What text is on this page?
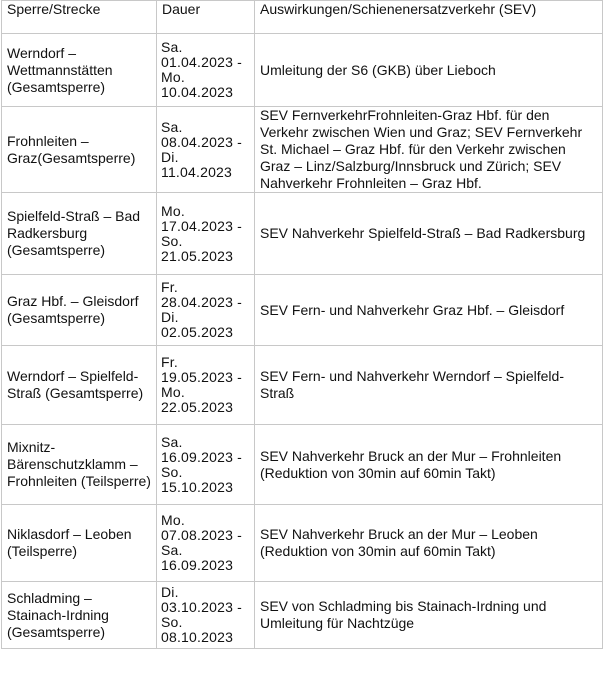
Sperre/Strecke	Dauer	Auswirkungen/Schienenersatzverkehr (SEV)
Werndorf – Wettmannstätten (Gesamtsperre)	Sa. 01.04.2023 - Mo. 10.04.2023	Umleitung der S6 (GKB) über Lieboch
Frohnleiten – Graz(Gesamtsperre)	Sa. 08.04.2023 - Di. 11.04.2023	SEV FernverkehrFrohnleiten-Graz Hbf. für den Verkehr zwischen Wien und Graz; SEV Fernverkehr St. Michael – Graz Hbf. für den Verkehr zwischen Graz – Linz/Salzburg/Innsbruck und Zürich; SEV Nahverkehr Frohnleiten – Graz Hbf.
Spielfeld-Straß – Bad Radkersburg (Gesamtsperre)	Mo. 17.04.2023 - So. 21.05.2023	SEV Nahverkehr Spielfeld-Straß – Bad Radkersburg
Graz Hbf. – Gleisdorf (Gesamtsperre)	Fr. 28.04.2023 - Di. 02.05.2023	SEV Fern- und Nahverkehr Graz Hbf. – Gleisdorf
Werndorf – Spielfeld-Straß (Gesamtsperre)	Fr. 19.05.2023 - Mo. 22.05.2023	SEV Fern- und Nahverkehr Werndorf – Spielfeld-Straß
Mixnitz-Bärenschutzklamm – Frohnleiten (Teilsperre)	Sa. 16.09.2023 - So. 15.10.2023	SEV Nahverkehr Bruck an der Mur – Frohnleiten (Reduktion von 30min auf 60min Takt)
Niklasdorf – Leoben (Teilsperre)	Mo. 07.08.2023 - Sa. 16.09.2023	SEV Nahverkehr Bruck an der Mur – Leoben (Reduktion von 30min auf 60min Takt)
Schladming – Stainach-Irdning (Gesamtsperre)	Di. 03.10.2023 - So. 08.10.2023	SEV von Schladming bis Stainach-Irdning und Umleitung für Nachtzüge
